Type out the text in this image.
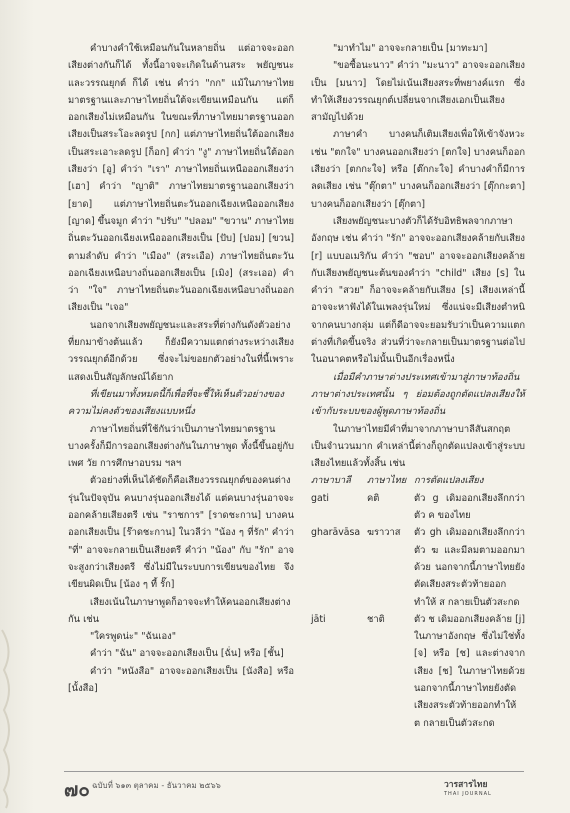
คำบางคำใช้เหมือนกันในหลายถิ่น แต่อาจจะออกเสียงต่างกันก็ได้ ทั้งนี้อาจจะเกิดในด้านสระ พยัญชนะ และวรรณยุกต์ ก็ได้ เช่น คำว่า "กก" แม้ในภาษาไทยมาตรฐานและภาษาไทยถิ่นใต้จะเขียนเหมือนกัน แต่ก็ออกเสียงไม่เหมือนกัน ในขณะที่ภาษาไทยมาตรฐานออกเสียงเป็นสระโอะลดรูป [กก] แต่ภาษาไทยถิ่นใต้ออกเสียงเป็นสระเอาะลดรูป [ก็อก] คำว่า "งู" ภาษาไทยถิ่นใต้ออกเสียงว่า [อู] คำว่า "เรา" ภาษาไทยถิ่นเหนือออกเสียงว่า [เฮา] คำว่า "ญาติ" ภาษาไทยมาตรฐานออกเสียงว่า [ยาด] แต่ภาษาไทยถิ่นตะวันออกเฉียงเหนือออกเสียง [ญาด] ขึ้นจมูก คำว่า "ปรับ" "ปลอม" "ขวาน" ภาษาไทยถิ่นตะวันออกเฉียงเหนือออกเสียงเป็น [ปับ] [ปอม] [ขวน] ตามลำดับ คำว่า "เมือง" (สระเอือ) ภาษาไทยถิ่นตะวันออกเฉียงเหนือบางถิ่นออกเสียงเป็น [เมิง] (สระเออ) คำว่า "ใจ" ภาษาไทยถิ่นตะวันออกเฉียงเหนือบางถิ่นออกเสียงเป็น "เจอ"

นอกจากเสียงพยัญชนะและสระที่ต่างกันดังตัวอย่างที่ยกมาข้างต้นแล้ว ก็ยังมีความแตกต่างระหว่างเสียงวรรณยุกต์อีกด้วย ซึ่งจะไม่ขอยกตัวอย่างในที่นี้เพราะแสดงเป็นสัญลักษณ์ได้ยาก

ที่เขียนมาทั้งหมดนี้ก็เพื่อที่จะชี้ให้เห็นตัวอย่างของความไม่คงตัวของเสียงแบบหนึ่ง

ภาษาไทยถิ่นที่ใช้กันว่าเป็นภาษาไทยมาตรฐาน บางครั้งก็มีการออกเสียงต่างกันในภาษาพูด ทั้งนี้ขึ้นอยู่กับเพศ วัย การศึกษาอบรม ฯลฯ

ตัวอย่างที่เห็นได้ชัดก็คือเสียงวรรณยุกต์ของคนต่างรุ่นในปัจจุบัน คนบางรุ่นออกเสียงได้ แต่คนบางรุ่นอาจจะออกคล้ายเสียงตรี เช่น "ราชการ" [ราดชะกาน] บางคนออกเสียงเป็น [ร๊าดชะกาน] ในวลีว่า "น้อง ๆ ที่รัก" คำว่า "ที่" อาจจะกลายเป็นเสียงตรี คำว่า "น้อง" กับ "รัก" อาจจะสูงกว่าเสียงตรี ซึ่งไม่มีในระบบการเขียนของไทย จึงเขียนผิดเป็น [น้อง ๆ ที้ รั๊ก]

เสียงเน้นในภาษาพูดก็อาจจะทำให้คนออกเสียงต่างกัน เช่น

"ใครพูดน่ะ" "ฉันเอง"

คำว่า "ฉัน" อาจจะออกเสียงเป็น [ฉั่น] หรือ [ชั้น]

คำว่า "หนังสือ" อาจจะออกเสียงเป็น [นังสือ] หรือ [นั้งสือ]

"มาทำไม" อาจจะกลายเป็น [มาทะมา]

"ขอซื้อนะนาว" คำว่า "มะนาว" อาจจะออกเสียงเป็น [มนาว] โดยไม่เน้นเสียงสระที่พยางค์แรก ซึ่งทำให้เสียงวรรณยุกต์เปลี่ยนจากเสียงเอกเป็นเสียงสามัญไปด้วย

ภาษาคำ บางคนก็เติมเสียงเพื่อให้เข้าจังหวะ เช่น "ตกใจ" บางคนออกเสียงว่า [ตกใจ] บางคนก็ออกเสียงว่า [ตกกะใจ] หรือ [ต๊กกะใจ] คำบางคำก็มีการลดเสียง เช่น "ตุ๊กตา" บางคนก็ออกเสียงว่า [ตุ๊กกะตา] บางคนก็ออกเสียงว่า [ตุ๊กตา]

เสียงพยัญชนะบางตัวก็ได้รับอิทธิพลจากภาษาอังกฤษ เช่น คำว่า "รัก" อาจจะออกเสียงคล้ายกับเสียง [r] แบบอเมริกัน คำว่า "ชอบ" อาจจะออกเสียงคล้ายกับเสียงพยัญชนะต้นของคำว่า "child" เสียง [s] ในคำว่า "สวย" ก็อาจจะคล้ายกับเสียง [s] เสียงเหล่านี้อาจจะหาฟังได้ในเพลงรุ่นใหม่ ซึ่งแน่จะมีเสียงตำหนิจากคนบางกลุ่ม แต่ก็ดีอาจจะยอมรับว่าเป็นความแตกต่างที่เกิดขึ้นจริง ส่วนที่ว่าจะกลายเป็นมาตรฐานต่อไปในอนาคตหรือไม่นั้นเป็นอีกเรื่องหนึ่ง

เมื่อมีคำภาษาต่างประเทศเข้ามาสู่ภาษาท้องถิ่น ภาษาต่างประเทศนั้น ๆ ย่อมต้องถูกตัดแปลงเสียงให้เข้ากับระบบของผู้พูดภาษาท้องถิ่น

ในภาษาไทยมีคำที่มาจากภาษาบาลีสันสกฤตเป็นจำนวนมาก คำเหล่านี้ต่างก็ถูกตัดแปลงเข้าสู่ระบบเสียงไทยแล้วทั้งสิ้น เช่น

ภาษาบาลี	ภาษาไทย	การตัดแปลงเสียง
gati	คติ	ตัว g เดิมออกเสียงลึกกว่าตัว ค ของไทย
gharāvāsa	ฆราวาส	ตัว gh เดิมออกเสียงลึกกว่าตัว ฆ และมีลมตามออกมาด้วย นอกจากนี้ภาษาไทยยังตัดเสียงสระตัวท้ายออกทำให้ ส กลายเป็นตัวสะกด
jāti	ชาติ	ตัว ช เดิมออกเสียงคล้าย [j] ในภาษาอังกฤษ ซึ่งไม่ใช่ทั้ง [จ] หรือ [ช] และต่างจากเสียง [ช] ในภาษาไทยด้วย นอกจากนี้ภาษาไทยยังตัดเสียงสระตัวท้ายออกทำให้ ต กลายเป็นตัวสะกด
๗๐ ฉบับที่ ๖๑๓ ตุลาคม - ธันวาคม ๒๕๖๖	วารสารไทย
THAI JOURNAL
